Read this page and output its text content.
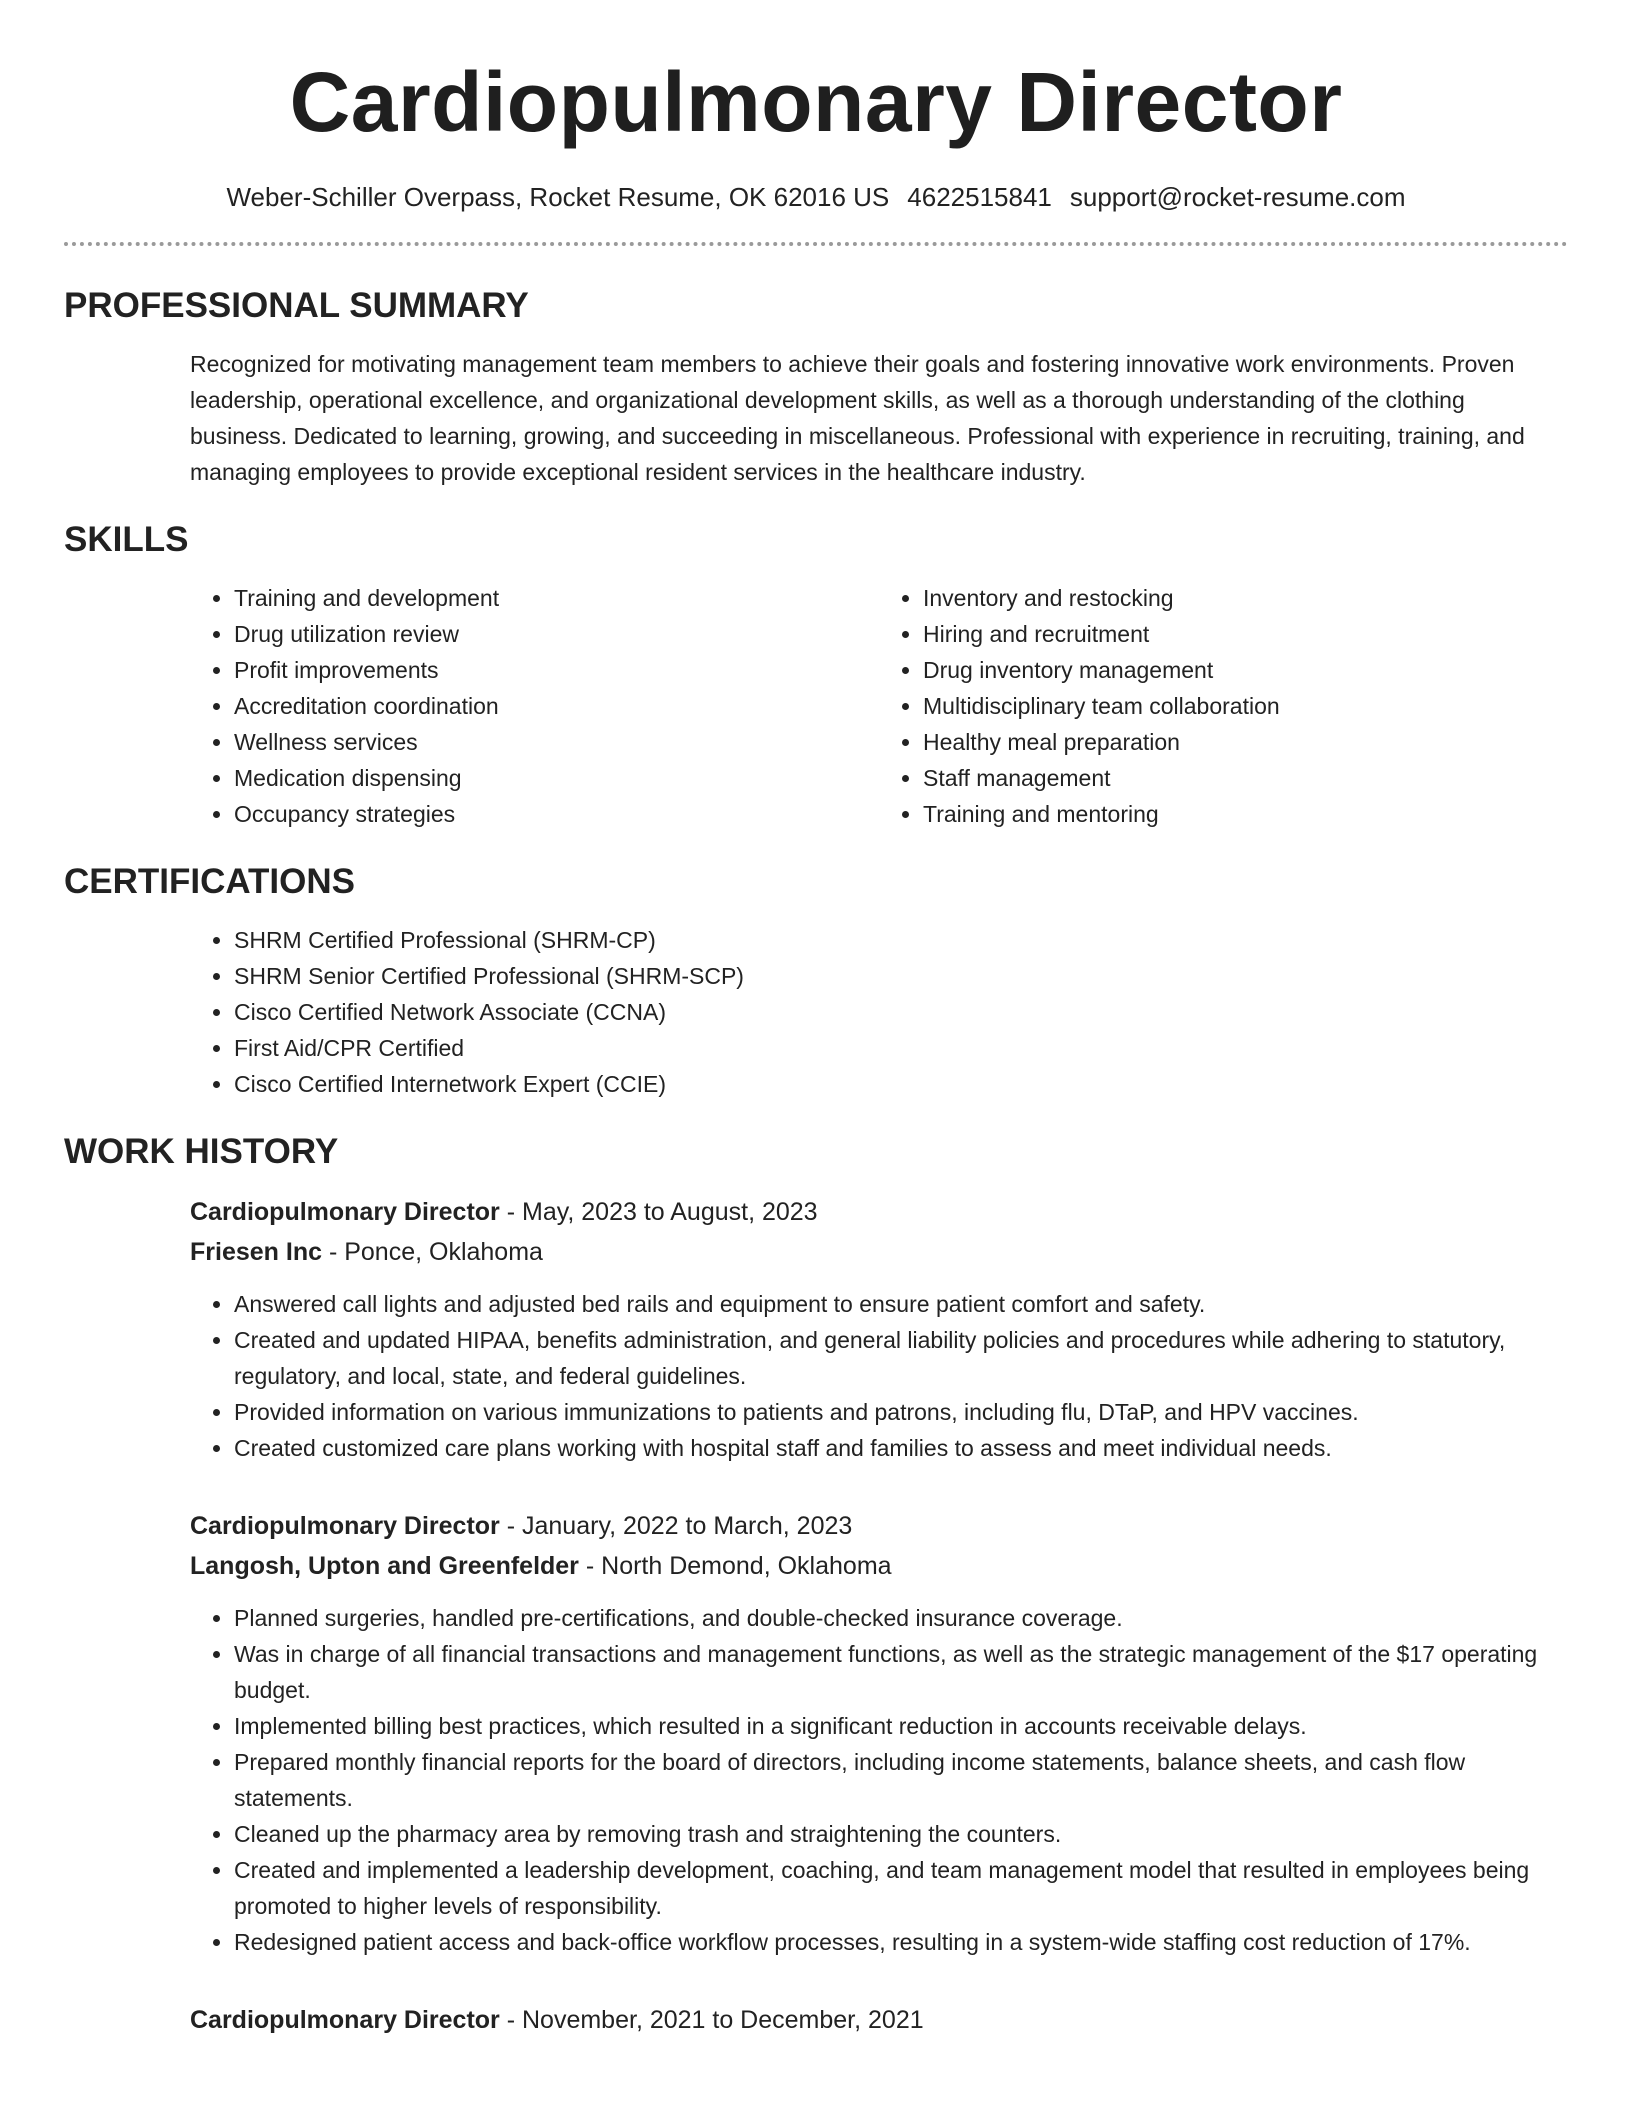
Cardiopulmonary Director
Weber-Schiller Overpass, Rocket Resume, OK 62016 US 4622515841 support@rocket-resume.com
PROFESSIONAL SUMMARY
Recognized for motivating management team members to achieve their goals and fostering innovative work environments. Proven leadership, operational excellence, and organizational development skills, as well as a thorough understanding of the clothing business. Dedicated to learning, growing, and succeeding in miscellaneous. Professional with experience in recruiting, training, and managing employees to provide exceptional resident services in the healthcare industry.
SKILLS
• Training and development
• Drug utilization review
• Profit improvements
• Accreditation coordination
• Wellness services
• Medication dispensing
• Occupancy strategies
• Inventory and restocking
• Hiring and recruitment
• Drug inventory management
• Multidisciplinary team collaboration
• Healthy meal preparation
• Staff management
• Training and mentoring
CERTIFICATIONS
• SHRM Certified Professional (SHRM-CP)
• SHRM Senior Certified Professional (SHRM-SCP)
• Cisco Certified Network Associate (CCNA)
• First Aid/CPR Certified
• Cisco Certified Internetwork Expert (CCIE)
WORK HISTORY
Cardiopulmonary Director - May, 2023 to August, 2023
Friesen Inc - Ponce, Oklahoma
• Answered call lights and adjusted bed rails and equipment to ensure patient comfort and safety.
• Created and updated HIPAA, benefits administration, and general liability policies and procedures while adhering to statutory, regulatory, and local, state, and federal guidelines.
• Provided information on various immunizations to patients and patrons, including flu, DTaP, and HPV vaccines.
• Created customized care plans working with hospital staff and families to assess and meet individual needs.
Cardiopulmonary Director - January, 2022 to March, 2023
Langosh, Upton and Greenfelder - North Demond, Oklahoma
• Planned surgeries, handled pre-certifications, and double-checked insurance coverage.
• Was in charge of all financial transactions and management functions, as well as the strategic management of the $17 operating budget.
• Implemented billing best practices, which resulted in a significant reduction in accounts receivable delays.
• Prepared monthly financial reports for the board of directors, including income statements, balance sheets, and cash flow statements.
• Cleaned up the pharmacy area by removing trash and straightening the counters.
• Created and implemented a leadership development, coaching, and team management model that resulted in employees being promoted to higher levels of responsibility.
• Redesigned patient access and back-office workflow processes, resulting in a system-wide staffing cost reduction of 17%.
Cardiopulmonary Director - November, 2021 to December, 2021
